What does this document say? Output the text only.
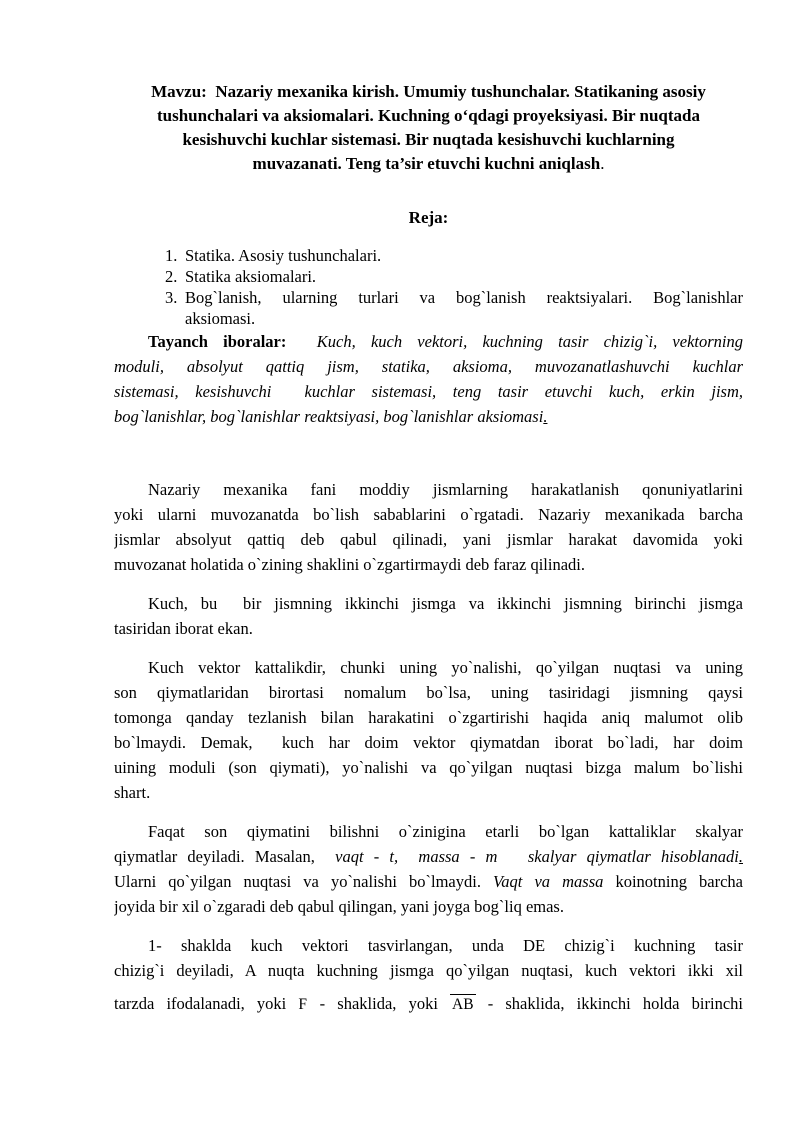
Mavzu:  Nazariy mexanika kirish. Umumiy tushunchalar. Statikaning asosiy
tushunchalari va aksiomalari. Kuchning oʻqdagi proyeksiyasi. Bir nuqtada
kesishuvchi kuchlar sistemasi. Bir nuqtada kesishuvchi kuchlarning
muvazanati. Teng ta’sir etuvchi kuchni aniqlash.
Reja:
1. Statika. Asosiy tushunchalari.
2. Statika aksiomalari.
3. Bog`lanish, ularning turlari va bog`lanish reaktsiyalari. Bog`lanishlar
aksiomasi.
Tayanch iboralar:  Kuch, kuch vektori, kuchning tasir chizig`i, vektorning
moduli, absolyut qattiq jism, statika, aksioma, muvozanatlashuvchi kuchlar
sistemasi, kesishuvchi  kuchlar sistemasi, teng tasir etuvchi kuch, erkin jism,
bog`lanishlar, bog`lanishlar reaktsiyasi, bog`lanishlar aksiomasi.
Nazariy mexanika fani moddiy jismlarning harakatlanish qonuniyatlarini
yoki ularni muvozanatda bo`lish sabablarini o`rgatadi. Nazariy mexanikada barcha
jismlar absolyut qattiq deb qabul qilinadi, yani jismlar harakat davomida yoki
muvozanat holatida o`zining shaklini o`zgartirmaydi deb faraz qilinadi.
Kuch, bu  bir jismning ikkinchi jismga va ikkinchi jismning birinchi jismga
tasiridan iborat ekan.
Kuch vektor kattalikdir, chunki uning yo`nalishi, qo`yilgan nuqtasi va uning
son qiymatlaridan birortasi nomalum bo`lsa, uning tasiridagi jismning qaysi
tomonga qanday tezlanish bilan harakatini o`zgartirishi haqida aniq malumot olib
bo`lmaydi. Demak,  kuch har doim vektor qiymatdan iborat bo`ladi, har doim
uining moduli (son qiymati), yo`nalishi va qo`yilgan nuqtasi bizga malum bo`lishi
shart.
Faqat son qiymatini bilishni o`zinigina etarli bo`lgan kattaliklar skalyar
qiymatlar deyiladi. Masalan,  vaqt - t,  massa - m   skalyar qiymatlar hisoblanadi.
Ularni qo`yilgan nuqtasi va yo`nalishi bo`lmaydi. Vaqt va massa koinotning barcha
joyida bir xil o`zgaradi deb qabul qilingan, yani joyga bog`liq emas.
1- shaklda kuch vektori tasvirlangan, unda DE chizig`i kuchning tasir
chizig`i deyiladi, A nuqta kuchning jismga qo`yilgan nuqtasi, kuch vektori ikki xil
tarzda ifodalanadi, yoki F - shaklida, yoki AB - shaklida, ikkinchi holda birinchi
